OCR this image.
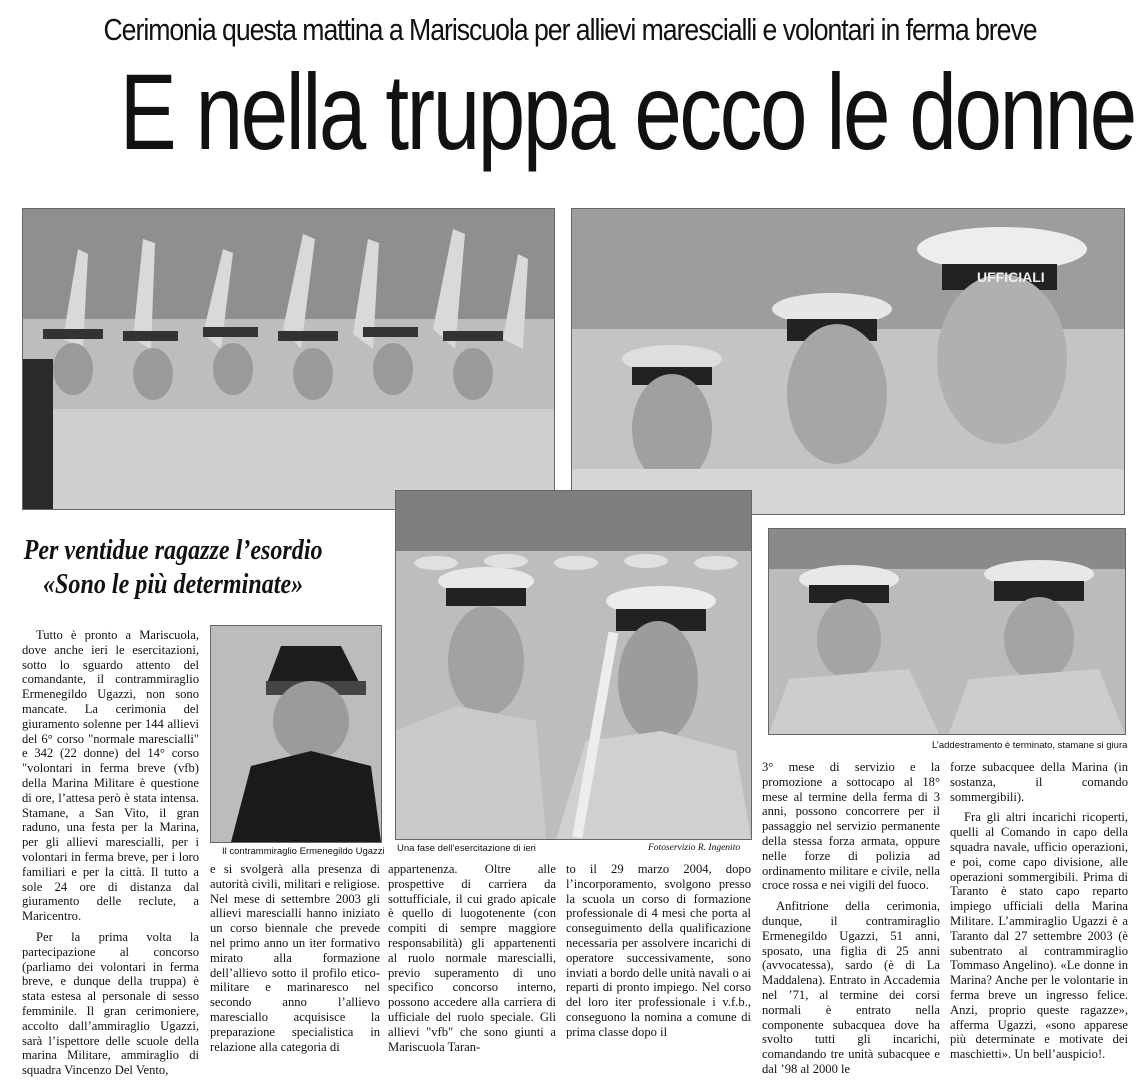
Cerimonia questa mattina a Mariscuola per allievi marescialli e volontari in ferma breve
E nella truppa ecco le donne
UFFICIALI
Per ventidue ragazze l’esordio
«Sono le più determinate»
Il contrammiraglio Ermenegildo Ugazzi Una fase dell’esercitazione di ieri	Fotoservizio R. Ingenito
L’addestramento è terminato, stamane si giura

Tutto è pronto a Mariscuola, dove anche ieri le esercitazioni, sotto lo sguardo attento del comandante, il contrammiraglio Ermenegildo Ugazzi, non sono mancate. La cerimonia del giuramento solenne per 144 allievi del 6° corso "normale marescialli" e 342 (22 donne) del 14° corso "volontari in ferma breve (vfb) della Marina Militare è questione di ore, l’attesa però è stata intensa. Stamane, a San Vito, il gran raduno, una festa per la Marina, per gli allievi marescialli, per i volontari in ferma breve, per i loro familiari e per la città. Il tutto a sole 24 ore di distanza dal giuramento delle reclute, a Maricentro.

Per la prima volta la partecipazione al concorso (parliamo dei volontari in ferma breve, e dunque della truppa) è stata estesa al personale di sesso femminile. Il gran cerimoniere, accolto dall’ammiraglio Ugazzi, sarà l’ispettore delle scuole della marina Militare, ammiraglio di squadra Vincenzo Del Vento,

e si svolgerà alla presenza di autorità civili, militari e religiose. Nel mese di settembre 2003 gli allievi marescialli hanno iniziato un corso biennale che prevede nel primo anno un iter formativo mirato alla formazione dell’allievo sotto il profilo etico-militare e marinaresco nel secondo anno l’allievo maresciallo acquisisce la preparazione specialistica in relazione alla categoria di

appartenenza. Oltre alle prospettive di carriera da sottufficiale, il cui grado apicale è quello di luogotenente (con compiti di sempre maggiore responsabilità) gli appartenenti al ruolo normale marescialli, previo superamento di uno specifico concorso interno, possono accedere alla carriera di ufficiale del ruolo speciale. Gli allievi "vfb" che sono giunti a Mariscuola Taran-

to il 29 marzo 2004, dopo l’incorporamento, svolgono presso la scuola un corso di formazione professionale di 4 mesi che porta al conseguimento della qualificazione necessaria per assolvere incarichi di operatore successivamente, sono inviati a bordo delle unità navali o ai reparti di pronto impiego. Nel corso del loro iter professionale i v.f.b., conseguono la nomina a comune di prima classe dopo il

3° mese di servizio e la promozione a sottocapo al 18° mese al termine della ferma di 3 anni, possono concorrere per il passaggio nel servizio permanente della stessa forza armata, oppure nelle forze di polizia ad ordinamento militare e civile, nella croce rossa e nei vigili del fuoco.

Anfitrione della cerimonia, dunque, il contramiraglio Ermenegildo Ugazzi, 51 anni, sposato, una figlia di 25 anni (avvocatessa), sardo (è di La Maddalena). Entrato in Accademia nel ’71, al termine dei corsi normali è entrato nella componente subacquea dove ha svolto tutti gli incarichi, comandando tre unità subacquee e dal ’98 al 2000 le

forze subacquee della Marina (in sostanza, il comando sommergibili).

Fra gli altri incarichi ricoperti, quelli al Comando in capo della squadra navale, ufficio operazioni, e poi, come capo divisione, alle operazioni sommergibili. Prima di Taranto è stato capo reparto impiego ufficiali della Marina Militare. L’ammiraglio Ugazzi è a Taranto dal 27 settembre 2003 (è subentrato al contrammiraglio Tommaso Angelino). «Le donne in Marina? Anche per le volontarie in ferma breve un ingresso felice. Anzi, proprio queste ragazze», afferma Ugazzi, «sono apparese più determinate e motivate dei maschietti». Un bell’auspicio!.
